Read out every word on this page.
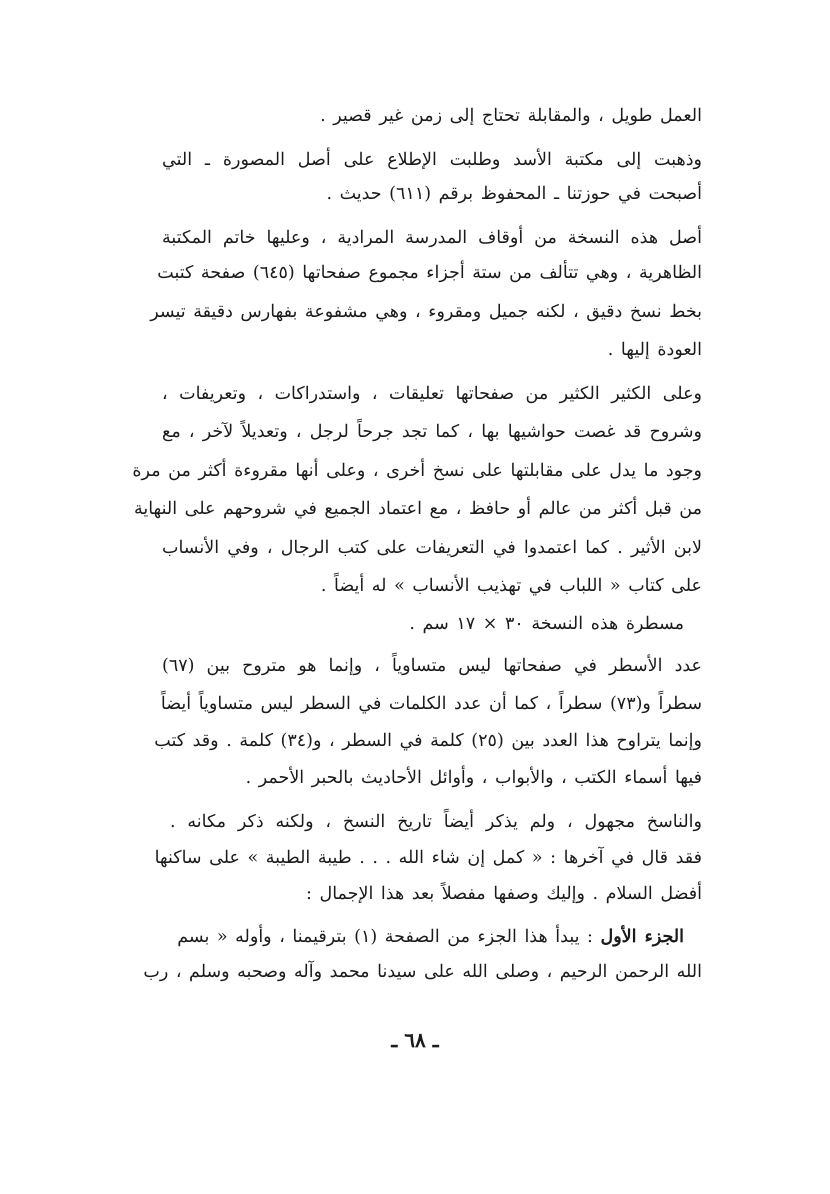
العمل طويل ، والمقابلة تحتاج إلى زمن غير قصير .
وذهبت إلى مكتبة الأسد وطلبت الإطلاع على أصل المصورة ـ التي
أصبحت في حوزتنا ـ المحفوظ برقم (٦١١) حديث .
أصل هذه النسخة من أوقاف المدرسة المرادية ، وعليها خاتم المكتبة
الظاهرية ، وهي تتألف من ستة أجزاء مجموع صفحاتها (٦٤٥) صفحة كتبت
بخط نسخ دقيق ، لكنه جميل ومقروء ، وهي مشفوعة بفهارس دقيقة تيسر
العودة إليها .
وعلى الكثير الكثير من صفحاتها تعليقات ، واستدراكات ، وتعريفات ،
وشروح قد غصت حواشيها بها ، كما تجد جرحاً لرجل ، وتعديلاً لآخر ، مع
وجود ما يدل على مقابلتها على نسخ أخرى ، وعلى أنها مقروءة أكثر من مرة
من قبل أكثر من عالم أو حافظ ، مع اعتماد الجميع في شروحهم على النهاية
لابن الأثير . كما اعتمدوا في التعريفات على كتب الرجال ، وفي الأنساب
على كتاب « اللباب في تهذيب الأنساب » له أيضاً .
مسطرة هذه النسخة ٣٠ × ١٧ سم .
عدد الأسطر في صفحاتها ليس متساوياً ، وإنما هو متروح بين (٦٧)
سطراً و(٧٣) سطراً ، كما أن عدد الكلمات في السطر ليس متساوياً أيضاً
وإنما يتراوح هذا العدد بين (٢٥) كلمة في السطر ، و(٣٤) كلمة . وقد كتب
فيها أسماء الكتب ، والأبواب ، وأوائل الأحاديث بالحبر الأحمر .
والناسخ مجهول ، ولم يذكر أيضاً تاريخ النسخ ، ولكنه ذكر مكانه .
فقد قال في آخرها : « كمل إن شاء الله . . . طيبة الطيبة » على ساكنها
أفضل السلام . وإليك وصفها مفصلاً بعد هذا الإجمال :
الجزء الأول : يبدأ هذا الجزء من الصفحة (١) بترقيمنا ، وأوله « بسم
الله الرحمن الرحيم ، وصلى الله على سيدنا محمد وآله وصحبه وسلم ، رب
ـ ٦٨ ـ
